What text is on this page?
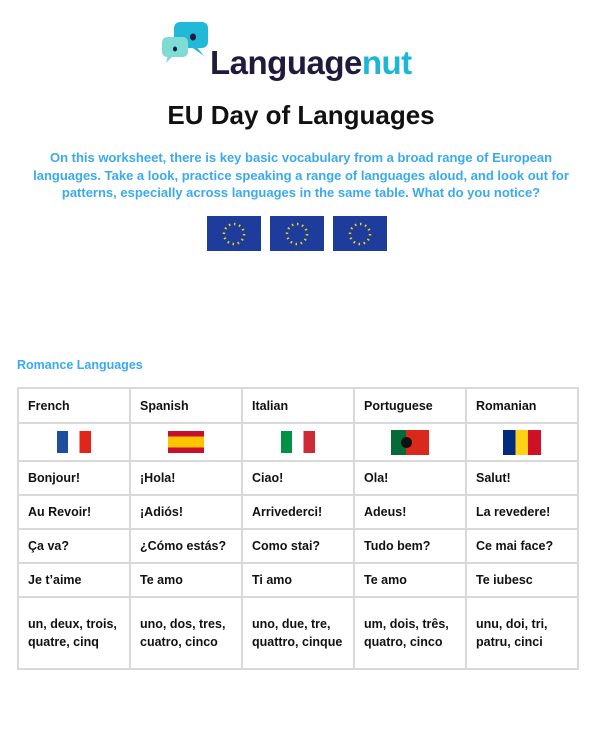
Languagenut
EU Day of Languages
On this worksheet, there is key basic vocabulary from a broad range of European languages. Take a look, practice speaking a range of languages aloud, and look out for patterns, especially across languages in the same table. What do you notice?
Romance Languages
French	Spanish	Italian	Portuguese	Romanian

Bonjour!	¡Hola!	Ciao!	Ola!	Salut!
Au Revoir!	¡Adiós!	Arrivederci!	Adeus!	La revedere!
Ça va?	¿Cómo estás?	Como stai?	Tudo bem?	Ce mai face?
Je t’aime	Te amo	Ti amo	Te amo	Te iubesc
un, deux, trois, quatre, cinq	uno, dos, tres, cuatro, cinco	uno, due, tre, quattro, cinque	um, dois, três, quatro, cinco	unu, doi, tri, patru, cinci
